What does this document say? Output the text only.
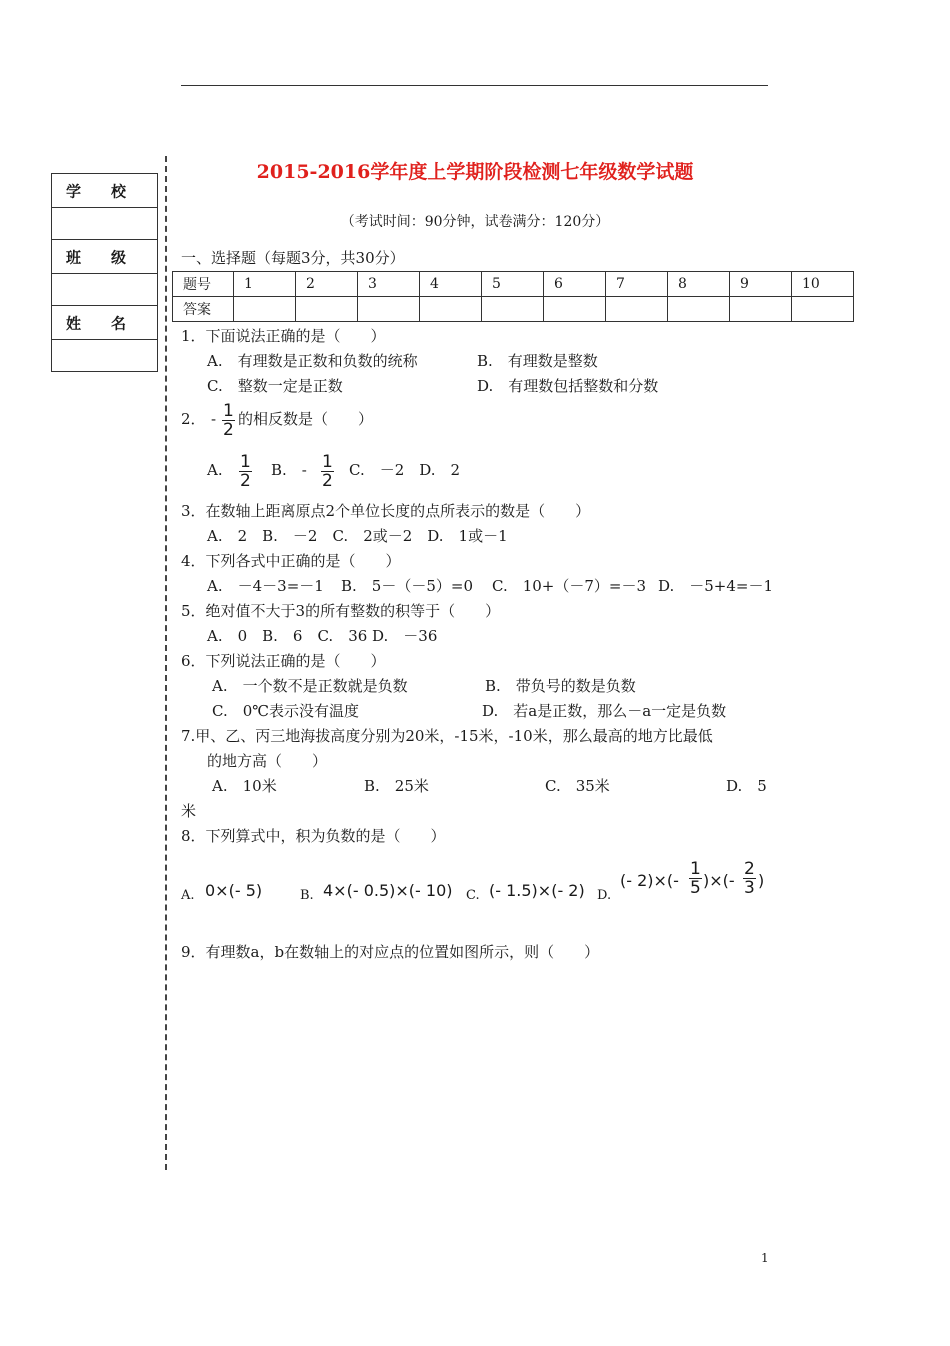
学　　校
班　　级
姓　　名
2015-2016学年度上学期阶段检测七年级数学试题
（考试时间：90分钟，试卷满分：120分）
一、选择题（每题3分，共30分）
题号	1	2	3	4	5	6	7	8	9	10
答案										
1．下面说法正确的是（　　）
A.　有理数是正数和负数的统称	B.　有理数是整数
C.　整数一定是正数	D.　有理数包括整数和分数
2． - $\frac{1}{2}$ 的相反数是（　　）
A. $\frac{1}{2} B$.　- $\frac{1}{2} C$.　－2　D.　2
3．在数轴上距离原点2个单位长度的点所表示的数是（　　）
A.　2　B.　－2　C.　2或－2　D.　1或－1
4．下列各式中正确的是（　　）
A.　－4－3=－1 B.　5－（－5）=0 C.　10+（－7）=－3 D.　－5+4=－1
5．绝对值不大于3的所有整数的积等于（　　）
A.　0　B.　6　C.　36 D.　－36
6．下列说法正确的是（　　）
A.　一个数不是正数就是负数	B.　带负号的数是负数
C.　0℃表示没有温度	D.　若a是正数，那么－a一定是负数
7.甲、乙、丙三地海拔高度分别为20米，-15米，-10米，那么最高的地方比最低
的地方高（　　）
A.　10米	B.　25米	C.　35米	D.　5
米
8．下列算式中，积为负数的是（　　）
A. 0×(- 5)	B. 4×(- 0.5)×(- 10) C. (- 1.5)×(- 2) D.
(- $2)\times(- \frac{1}{5}$ )×(- $\frac{2}{3}$ )
9．有理数a，b在数轴上的对应点的位置如图所示，则（　　）
1
